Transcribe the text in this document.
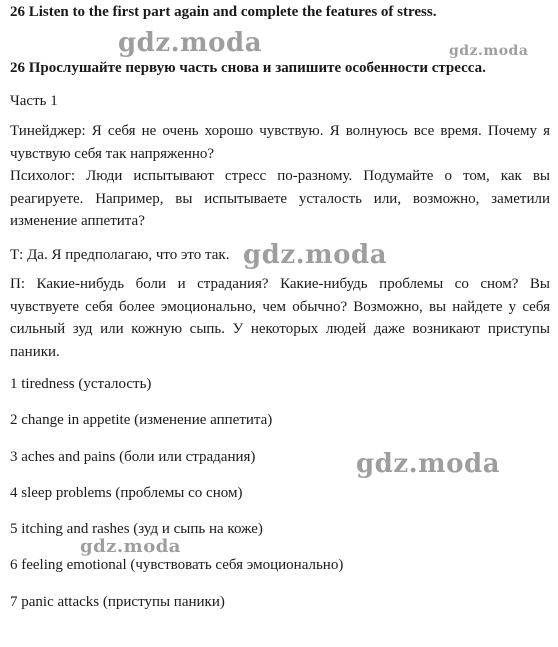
26 Listen to the first part again and complete the features of stress.
26 Прослушайте первую часть снова и запишите особенности стресса.
Часть 1
Тинейджер: Я себя не очень хорошо чувствую. Я волнуюсь все время. Почему я чувствую себя так напряженно?
Психолог: Люди испытывают стресс по-разному. Подумайте о том, как вы реагируете. Например, вы испытываете усталость или, возможно, заметили изменение аппетита?
Т: Да. Я предполагаю, что это так.
П: Какие-нибудь боли и страдания? Какие-нибудь проблемы со сном? Вы чувствуете себя более эмоционально, чем обычно? Возможно, вы найдете у себя сильный зуд или кожную сыпь. У некоторых людей даже возникают приступы паники.
1 tiredness (усталость)
2 change in appetite (изменение аппетита)
3 aches and pains (боли или страдания)
4 sleep problems (проблемы со сном)
5 itching and rashes (зуд и сыпь на коже)
6 feeling emotional (чувствовать себя эмоционально)
7 panic attacks (приступы паники)
gdz.moda	gdz.moda
gdz.moda
gdz.moda
gdz.moda
